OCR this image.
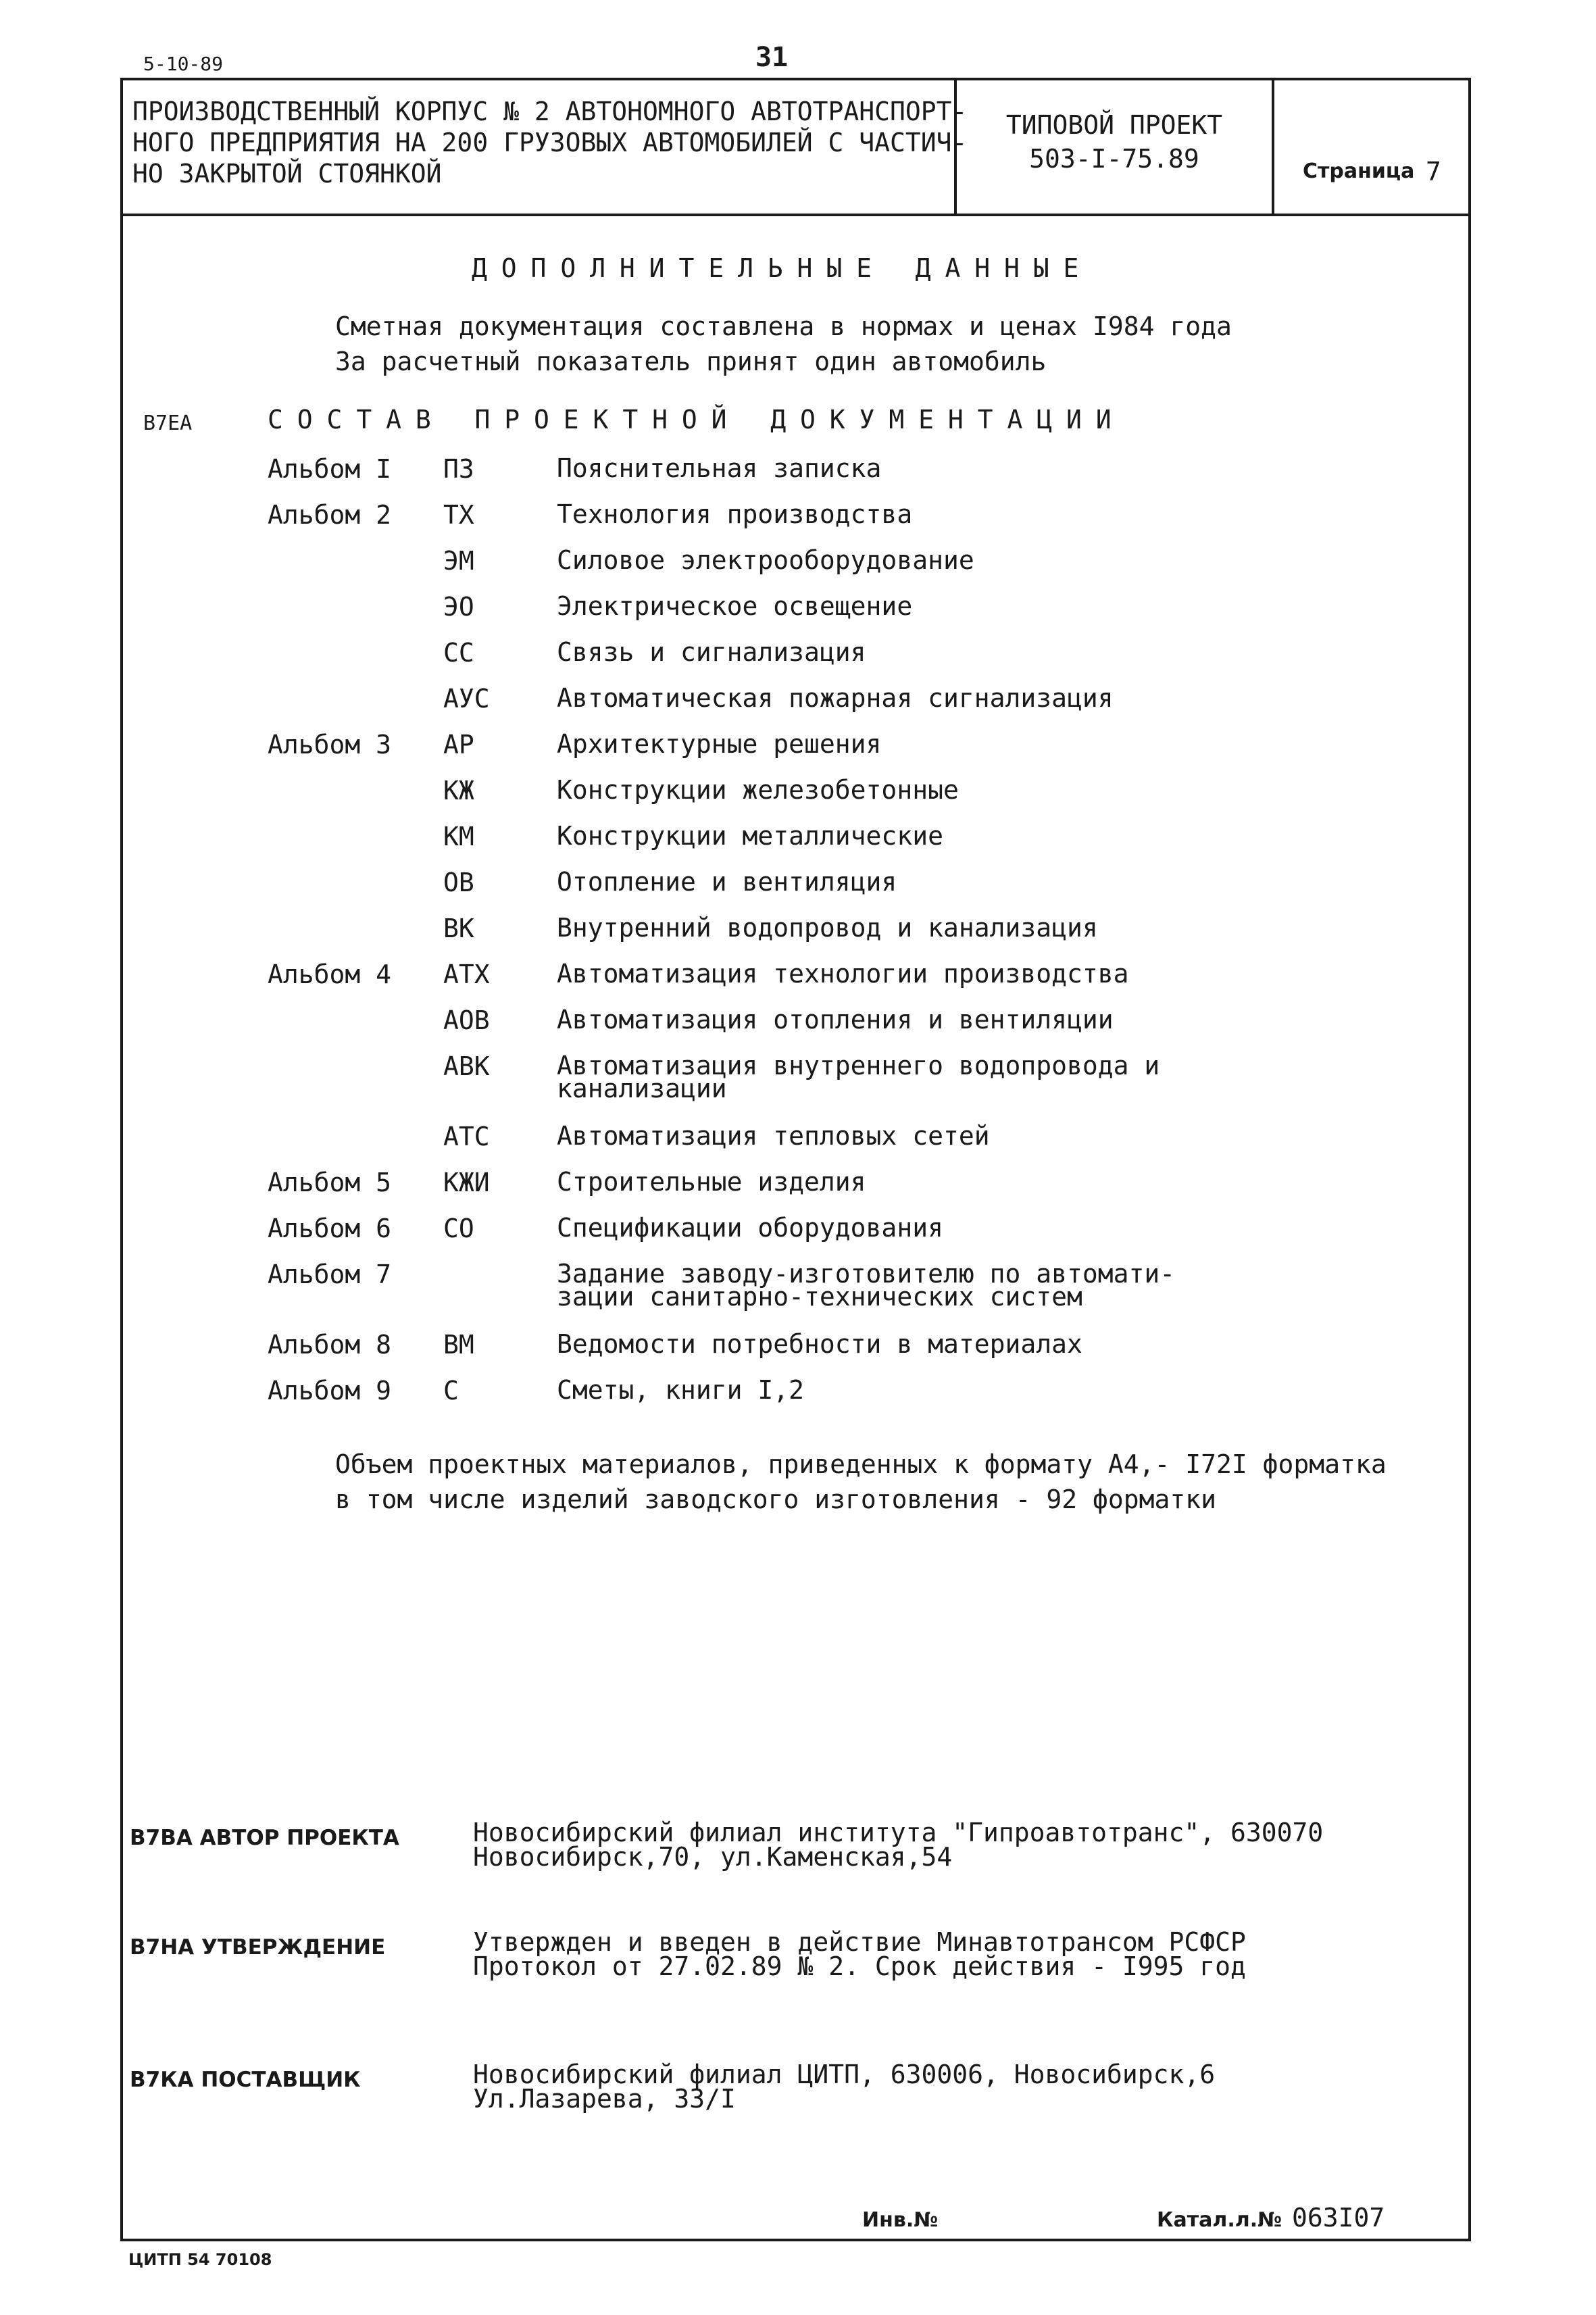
5-10-89	31
ПРОИЗВОДСТВЕННЫЙ КОРПУС № 2 АВТОНОМНОГО АВТОТРАНСПОРТ-
НОГО ПРЕДПРИЯТИЯ НА 200 ГРУЗОВЫХ АВТОМОБИЛЕЙ С ЧАСТИЧ-
НО ЗАКРЫТОЙ СТОЯНКОЙ
ТИПОВОЙ ПРОЕКТ
503-I-75.89	Страница 7
ДОПОЛНИТЕЛЬНЫЕ ДАННЫЕ
Сметная документация составлена в нормах и ценах I984 года
За расчетный показатель принят один автомобиль
В7ЕА	СОСТАВ ПРОЕКТНОЙ ДОКУМЕНТАЦИИ
Альбом I	ПЗ	Пояснительная записка
Альбом 2	ТХ	Технология производства
ЭМ	Силовое электрооборудование
ЭО	Электрическое освещение
СС	Связь и сигнализация
АУС	Автоматическая пожарная сигнализация
Альбом 3	АР	Архитектурные решения
КЖ	Конструкции железобетонные
КМ	Конструкции металлические
ОВ	Отопление и вентиляция
ВК	Внутренний водопровод и канализация
Альбом 4	АТХ	Автоматизация технологии производства
АОВ	Автоматизация отопления и вентиляции
АВК	Автоматизация внутреннего водопровода и
канализации
АТС	Автоматизация тепловых сетей
Альбом 5	КЖИ	Строительные изделия
Альбом 6	СО	Спецификации оборудования
Альбом 7	Задание заводу-изготовителю по автомати-
зации санитарно-технических систем
Альбом 8	ВМ	Ведомости потребности в материалах
Альбом 9	С	Сметы, книги I,2
Объем проектных материалов, приведенных к формату А4,- I72I форматка
в том числе изделий заводского изготовления - 92 форматки
В7ВА АВТОР ПРОЕКТА	Новосибирский филиал института "Гипроавтотранс", 630070
Новосибирск,70, ул.Каменская,54
В7НА УТВЕРЖДЕНИЕ	Утвержден и введен в действие Минавтотрансом РСФСР
Протокол от 27.02.89 № 2. Срок действия - I995 год
В7КА ПОСТАВЩИК	Новосибирский филиал ЦИТП, 630006, Новосибирск,6
Ул.Лазарева, 33/I
Инв.№	Катал.л.№ 063I07
ЦИТП 54 70108
